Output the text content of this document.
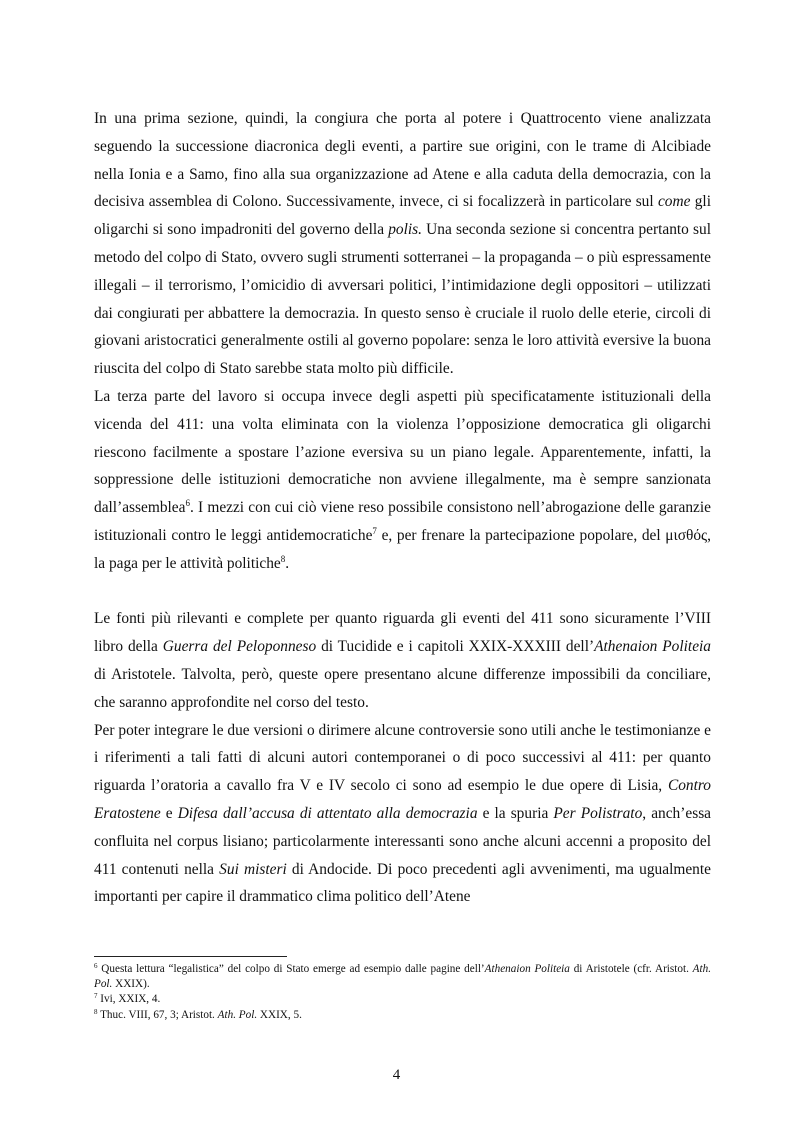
In una prima sezione, quindi, la congiura che porta al potere i Quattrocento viene analizzata seguendo la successione diacronica degli eventi, a partire sue origini, con le trame di Alcibiade nella Ionia e a Samo, fino alla sua organizzazione ad Atene e alla caduta della democrazia, con la decisiva assemblea di Colono. Successivamente, invece, ci si focalizzerà in particolare sul come gli oligarchi si sono impadroniti del governo della polis. Una seconda sezione si concentra pertanto sul metodo del colpo di Stato, ovvero sugli strumenti sotterranei – la propaganda – o più espressamente illegali – il terrorismo, l’omicidio di avversari politici, l’intimidazione degli oppositori – utilizzati dai congiurati per abbattere la democrazia. In questo senso è cruciale il ruolo delle eterie, circoli di giovani aristocratici generalmente ostili al governo popolare: senza le loro attività eversive la buona riuscita del colpo di Stato sarebbe stata molto più difficile.

La terza parte del lavoro si occupa invece degli aspetti più specificatamente istituzionali della vicenda del 411: una volta eliminata con la violenza l’opposizione democratica gli oligarchi riescono facilmente a spostare l’azione eversiva su un piano legale. Apparentemente, infatti, la soppressione delle istituzioni democratiche non avviene illegalmente, ma è sempre sanzionata dall’assemblea$^6$. I mezzi con cui ciò viene reso possibile consistono nell’abrogazione delle garanzie istituzionali contro le leggi antidemocratiche$^7$ e, per frenare la partecipazione popolare, del μισθός, la paga per le attività politiche$^8$.

Le fonti più rilevanti e complete per quanto riguarda gli eventi del 411 sono sicuramente l’VIII libro della Guerra del Peloponneso di Tucidide e i capitoli XXIX-XXXIII dell’Athenaion Politeia di Aristotele. Talvolta, però, queste opere presentano alcune differenze impossibili da conciliare, che saranno approfondite nel corso del testo.

Per poter integrare le due versioni o dirimere alcune controversie sono utili anche le testimonianze e i riferimenti a tali fatti di alcuni autori contemporanei o di poco successivi al 411: per quanto riguarda l’oratoria a cavallo fra V e IV secolo ci sono ad esempio le due opere di Lisia, Contro Eratostene e Difesa dall’accusa di attentato alla democrazia e la spuria Per Polistrato, anch’essa confluita nel corpus lisiano; particolarmente interessanti sono anche alcuni accenni a proposito del 411 contenuti nella Sui misteri di Andocide. Di poco precedenti agli avvenimenti, ma ugualmente importanti per capire il drammatico clima politico dell’Atene

$^6$ Questa lettura “legalistica” del colpo di Stato emerge ad esempio dalle pagine dell’Athenaion Politeia di Aristotele (cfr. Aristot. Ath. Pol. XXIX).

$^7$ Ivi, XXIX, 4.

$^8$ Thuc. VIII, 67, 3; Aristot. Ath. Pol. XXIX, 5.

4
